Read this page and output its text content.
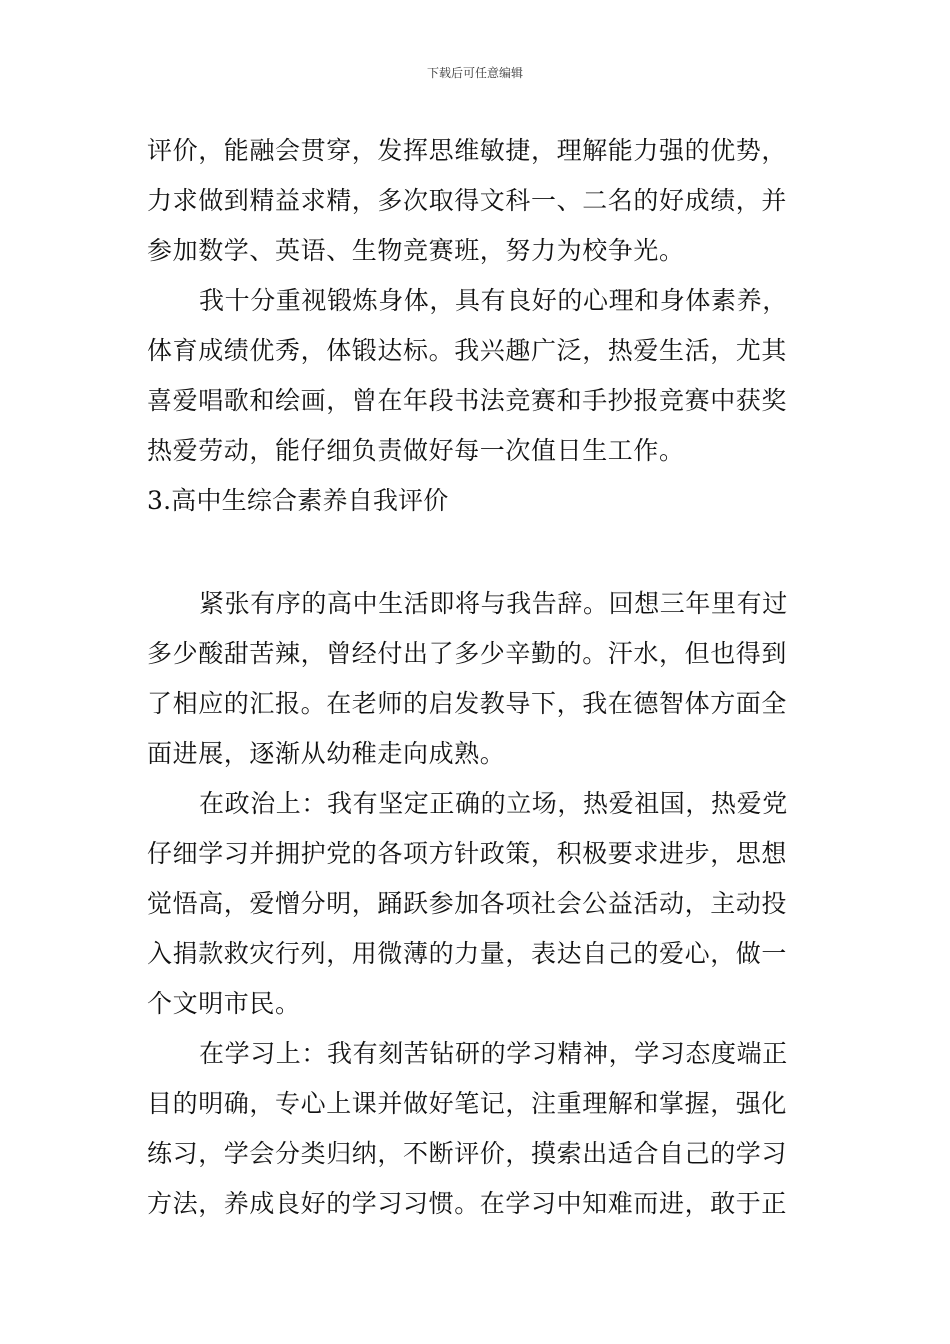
下载后可任意编辑

评价，能融会贯穿，发挥思维敏捷，理解能力强的优势，
力求做到精益求精，多次取得文科一、二名的好成绩，并
参加数学、英语、生物竞赛班，努力为校争光。

我十分重视锻炼身体，具有良好的心理和身体素养，
体育成绩优秀，体锻达标。我兴趣广泛，热爱生活，尤其
喜爱唱歌和绘画，曾在年段书法竞赛和手抄报竞赛中获奖
热爱劳动，能仔细负责做好每一次值日生工作。

3.高中生综合素养自我评价

紧张有序的高中生活即将与我告辞。回想三年里有过
多少酸甜苦辣，曾经付出了多少辛勤的。汗水，但也得到
了相应的汇报。在老师的启发教导下，我在德智体方面全
面进展，逐渐从幼稚走向成熟。

在政治上：我有坚定正确的立场，热爱祖国，热爱党
仔细学习并拥护党的各项方针政策，积极要求进步，思想
觉悟高，爱憎分明，踊跃参加各项社会公益活动，主动投
入捐款救灾行列，用微薄的力量，表达自己的爱心，做一
个文明市民。

在学习上：我有刻苦钻研的学习精神，学习态度端正
目的明确，专心上课并做好笔记，注重理解和掌握，强化
练习，学会分类归纳，不断评价，摸索出适合自己的学习
方法，养成良好的学习习惯。在学习中知难而进，敢于正
